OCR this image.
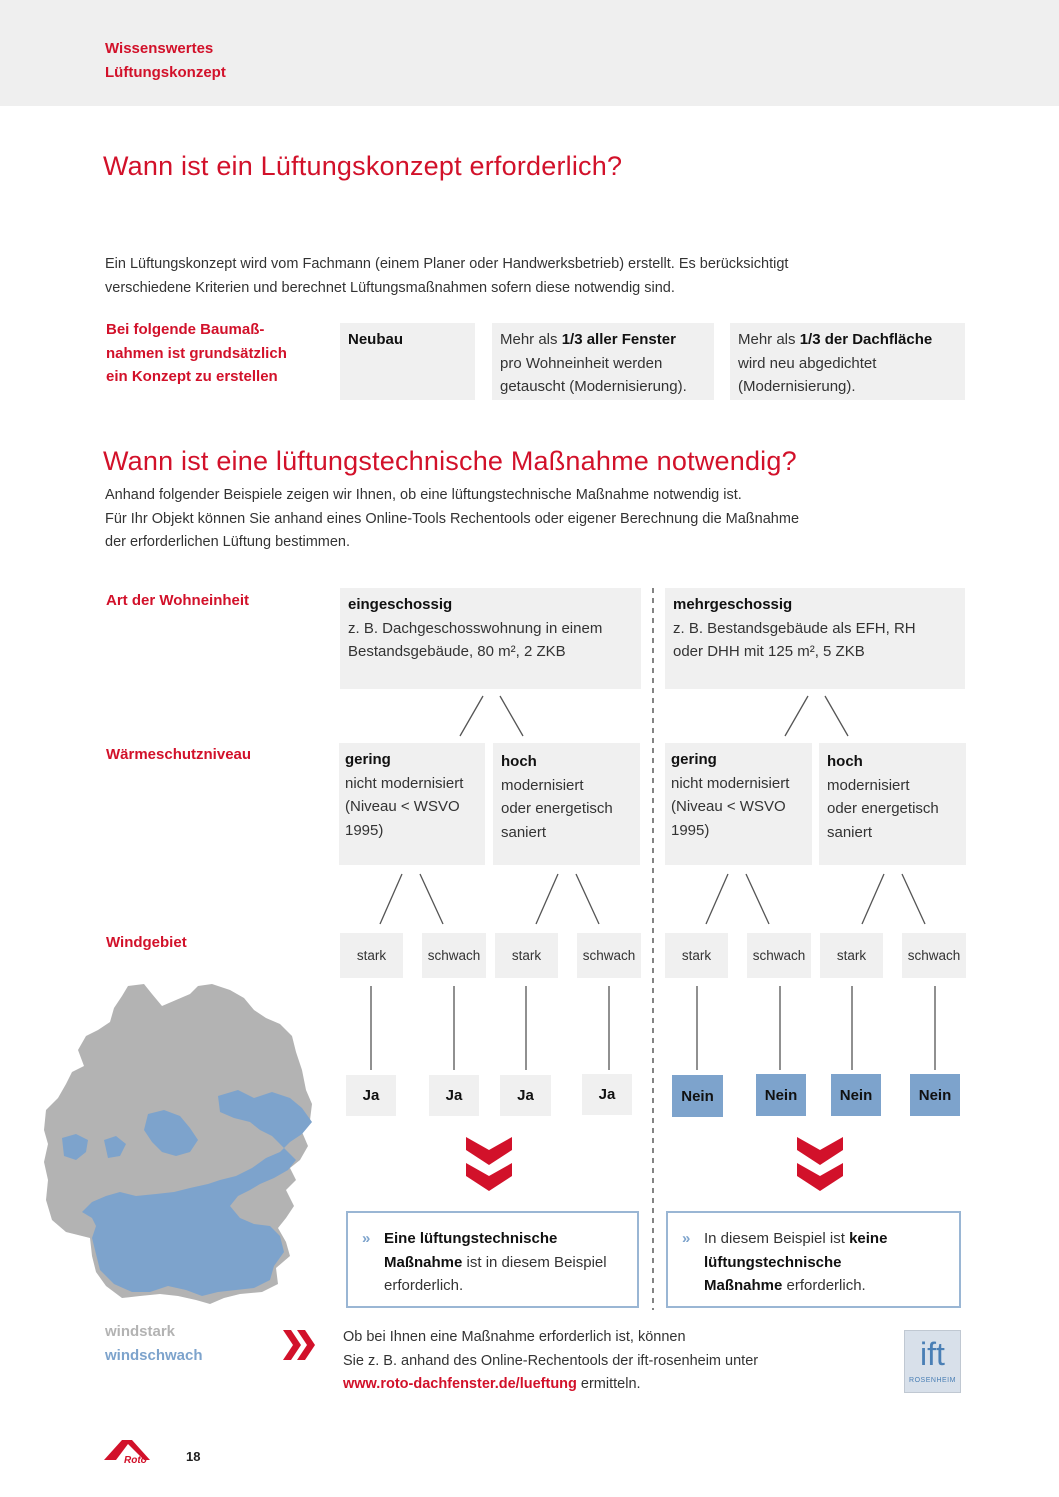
Wissenswertes
Lüftungskonzept
Wann ist ein Lüftungskonzept erforderlich?
Ein Lüftungskonzept wird vom Fachmann (einem Planer oder Handwerksbetrieb) erstellt. Es berücksichtigt
verschiedene Kriterien und berechnet Lüftungsmaßnahmen sofern diese notwendig sind.
Bei folgende Baumaß-
nahmen ist grundsätzlich
ein Konzept zu erstellen
Neubau	Mehr als 1/3 aller Fenster
pro Wohneinheit werden
getauscht (Modernisierung).
Mehr als 1/3 der Dachfläche
wird neu abgedichtet
(Modernisierung).
Wann ist eine lüftungstechnische Maßnahme notwendig?
Anhand folgender Beispiele zeigen wir Ihnen, ob eine lüftungstechnische Maßnahme notwendig ist.
Für Ihr Objekt können Sie anhand eines Online-Tools Rechentools oder eigener Berechnung die Maßnahme
der erforderlichen Lüftung bestimmen.
Art der Wohneinheit
Wärmeschutzniveau
Windgebiet
eingeschossig
z. B. Dachgeschosswohnung in einem
Bestandsgebäude, 80 m², 2 ZKB
mehrgeschossig
z. B. Bestandsgebäude als EFH, RH
oder DHH mit 125 m², 5 ZKB
gering
nicht modernisiert
(Niveau < WSVO
1995)
hoch
modernisiert
oder energetisch
saniert
gering
nicht modernisiert
(Niveau < WSVO
1995)
hoch
modernisiert
oder energetisch
saniert
stark	schwach	stark	schwach	stark	schwach	stark	schwach
Ja	Ja	Ja	Ja	Nein	Nein	Nein	Nein
» Eine lüftungstechnische
Maßnahme ist in diesem Beispiel
erforderlich.
» In diesem Beispiel ist keine
lüftungstechnische
Maßnahme erforderlich.
windstark
windschwach
Ob bei Ihnen eine Maßnahme erforderlich ist, können
Sie z. B. anhand des Online-Rechentools der ift-rosenheim unter
www.roto-dachfenster.de/lueftung ermitteln.
ift
ROSENHEIM
Roto	18
